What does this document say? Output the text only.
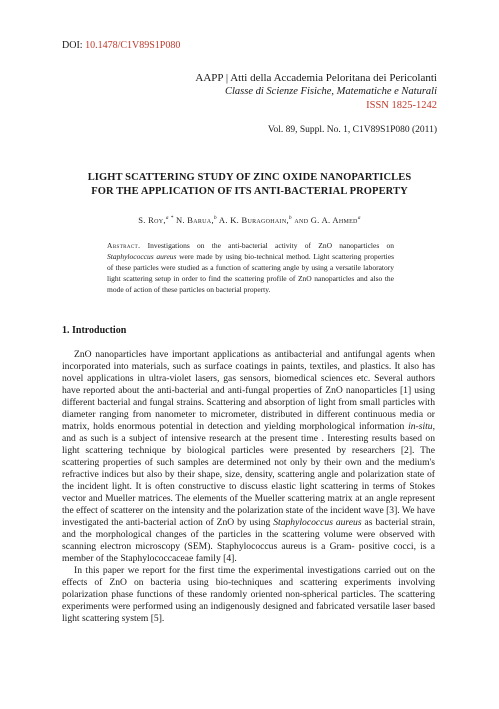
DOI: 10.1478/C1V89S1P080
AAPP | Atti della Accademia Peloritana dei Pericolanti
Classe di Scienze Fisiche, Matematiche e Naturali
ISSN 1825-1242
Vol. 89, Suppl. No. 1, C1V89S1P080 (2011)
LIGHT SCATTERING STUDY OF ZINC OXIDE NANOPARTICLES
FOR THE APPLICATION OF ITS ANTI-BACTERIAL PROPERTY
S. Roy,$^{a *}$ N. Barua,$^b$ A. K. Buragohain,$^b$ and G. A. Ahmed$^a$
Abstract. Investigations on the anti-bacterial activity of ZnO nanoparticles on Staphylococcus aureus were made by using bio-technical method. Light scattering properties of these particles were studied as a function of scattering angle by using a versatile laboratory light scattering setup in order to find the scattering profile of ZnO nanoparticles and also the mode of action of these particles on bacterial property.
1. Introduction

ZnO nanoparticles have important applications as antibacterial and antifungal agents when incorporated into materials, such as surface coatings in paints, textiles, and plastics. It also has novel applications in ultra-violet lasers, gas sensors, biomedical sciences etc. Several authors have reported about the anti-bacterial and anti-fungal properties of ZnO nanoparticles [1] using different bacterial and fungal strains. Scattering and absorption of light from small particles with diameter ranging from nanometer to micrometer, distributed in different continuous media or matrix, holds enormous potential in detection and yielding morphological information in-situ, and as such is a subject of intensive research at the present time . Interesting results based on light scattering technique by biological particles were presented by researchers [2]. The scattering properties of such samples are determined not only by their own and the medium's refractive indices but also by their shape, size, density, scattering angle and polarization state of the incident light. It is often constructive to discuss elastic light scattering in terms of Stokes vector and Mueller matrices. The elements of the Mueller scattering matrix at an angle represent the effect of scatterer on the intensity and the polarization state of the incident wave [3]. We have investigated the anti-bacterial action of ZnO by using Staphylococcus aureus as bacterial strain, and the morphological changes of the particles in the scattering volume were observed with scanning electron microscopy (SEM). Staphylococcus aureus is a Gram- positive cocci, is a member of the Staphylococcaceae family [4].

In this paper we report for the first time the experimental investigations carried out on the effects of ZnO on bacteria using bio-techniques and scattering experiments involving polarization phase functions of these randomly oriented non-spherical particles. The scattering experiments were performed using an indigenously designed and fabricated versatile laser based light scattering system [5].
